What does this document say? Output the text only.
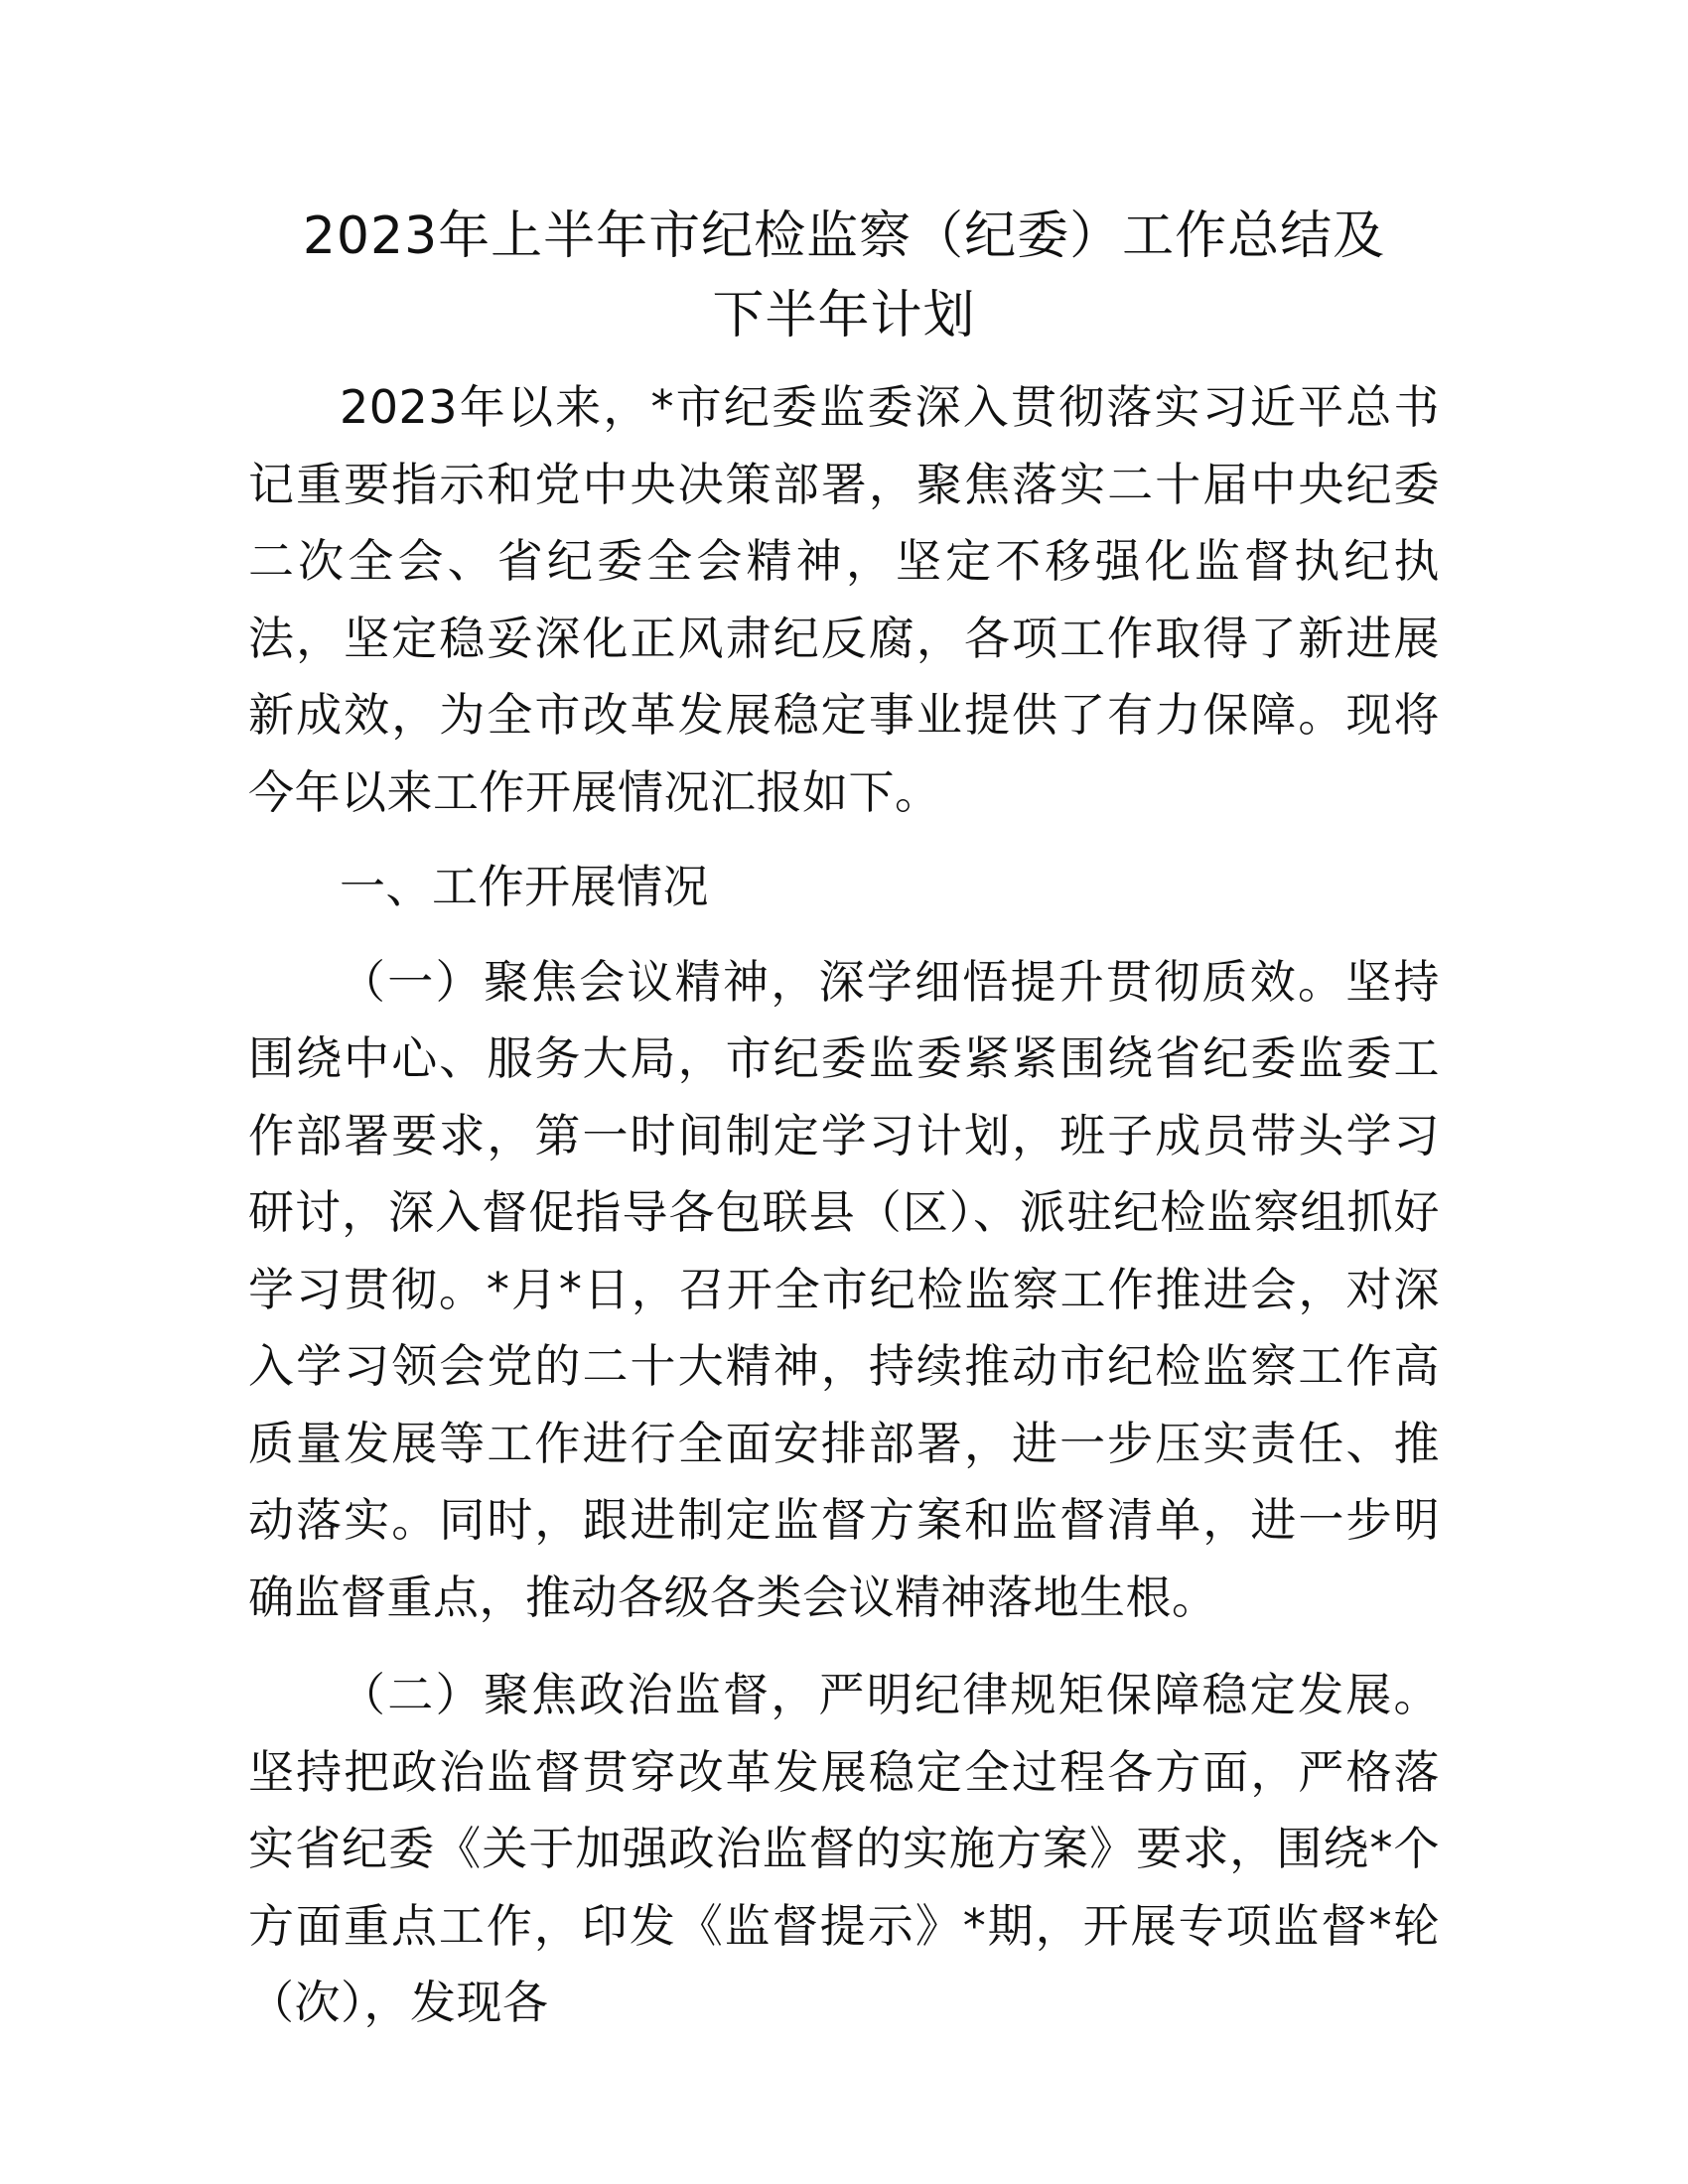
2023年上半年市纪检监察（纪委）工作总结及
下半年计划

2023年以来，*市纪委监委深入贯彻落实习近平总书记重要指示和党中央决策部署，聚焦落实二十届中央纪委二次全会、省纪委全会精神，坚定不移强化监督执纪执法，坚定稳妥深化正风肃纪反腐，各项工作取得了新进展新成效，为全市改革发展稳定事业提供了有力保障。现将今年以来工作开展情况汇报如下。

一、工作开展情况

（一）聚焦会议精神，深学细悟提升贯彻质效。坚持围绕中心、服务大局，市纪委监委紧紧围绕省纪委监委工作部署要求，第一时间制定学习计划，班子成员带头学习研讨，深入督促指导各包联县（区）、派驻纪检监察组抓好学习贯彻。*月*日，召开全市纪检监察工作推进会，对深入学习领会党的二十大精神，持续推动市纪检监察工作高质量发展等工作进行全面安排部署，进一步压实责任、推动落实。同时，跟进制定监督方案和监督清单，进一步明确监督重点，推动各级各类会议精神落地生根。

（二）聚焦政治监督，严明纪律规矩保障稳定发展。坚持把政治监督贯穿改革发展稳定全过程各方面，严格落实省纪委《关于加强政治监督的实施方案》要求，围绕*个方面重点工作，印发《监督提示》*期，开展专项监督*轮（次），发现各
